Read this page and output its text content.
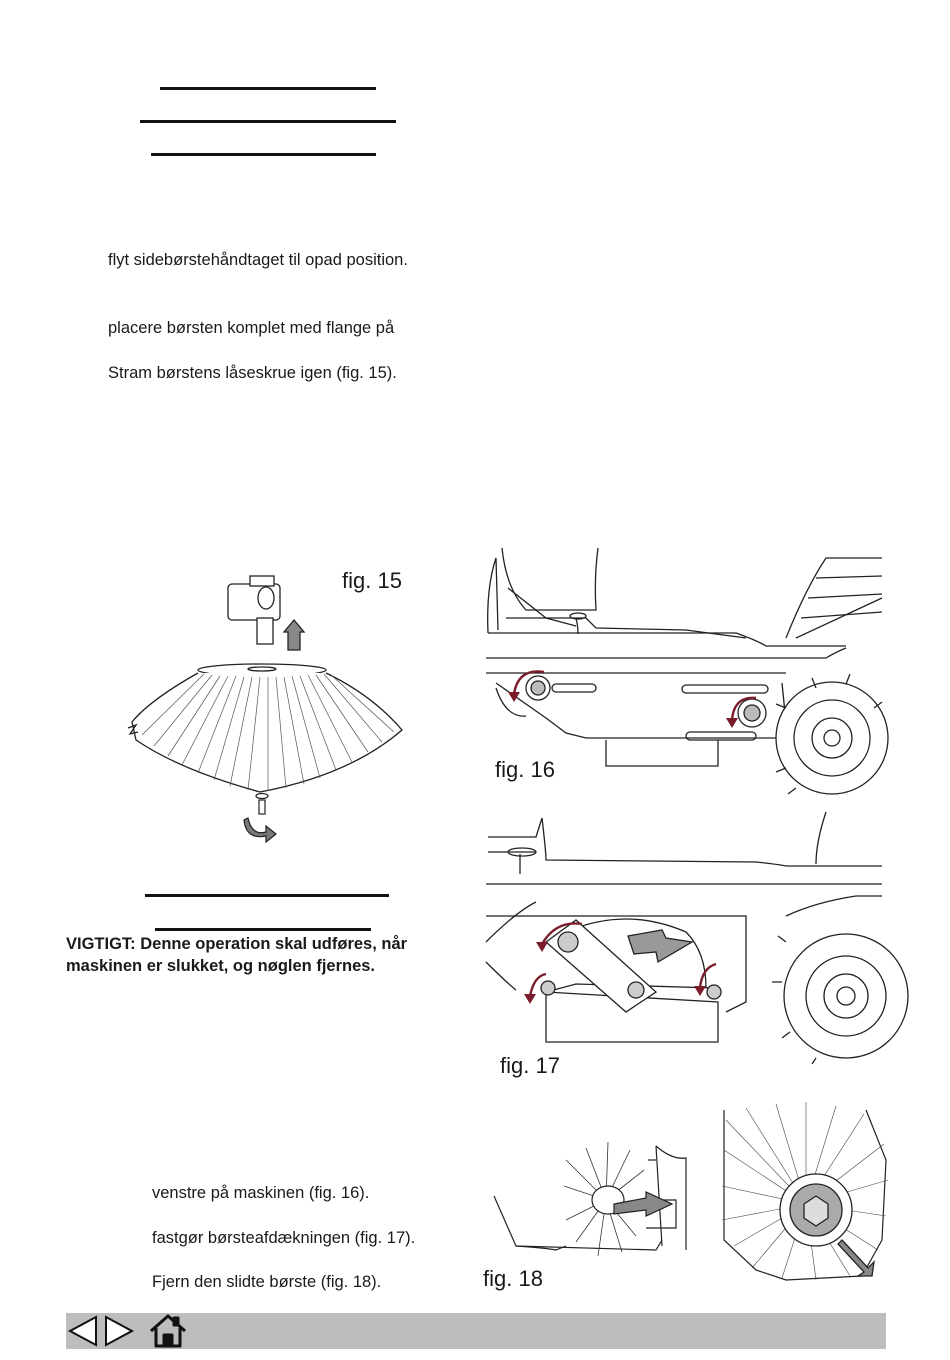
flyt sidebørstehåndtaget til opad position.
placere børsten komplet med flange på
Stram børstens låseskrue igen (fig. 15).
fig. 15
fig. 16
fig. 17
VIGTIGT: Denne operation skal udføres, når
maskinen er slukket, og nøglen fjernes.
venstre på maskinen (fig. 16).
fastgør børsteafdækningen (fig. 17).
Fjern den slidte børste (fig. 18).	fig. 18
